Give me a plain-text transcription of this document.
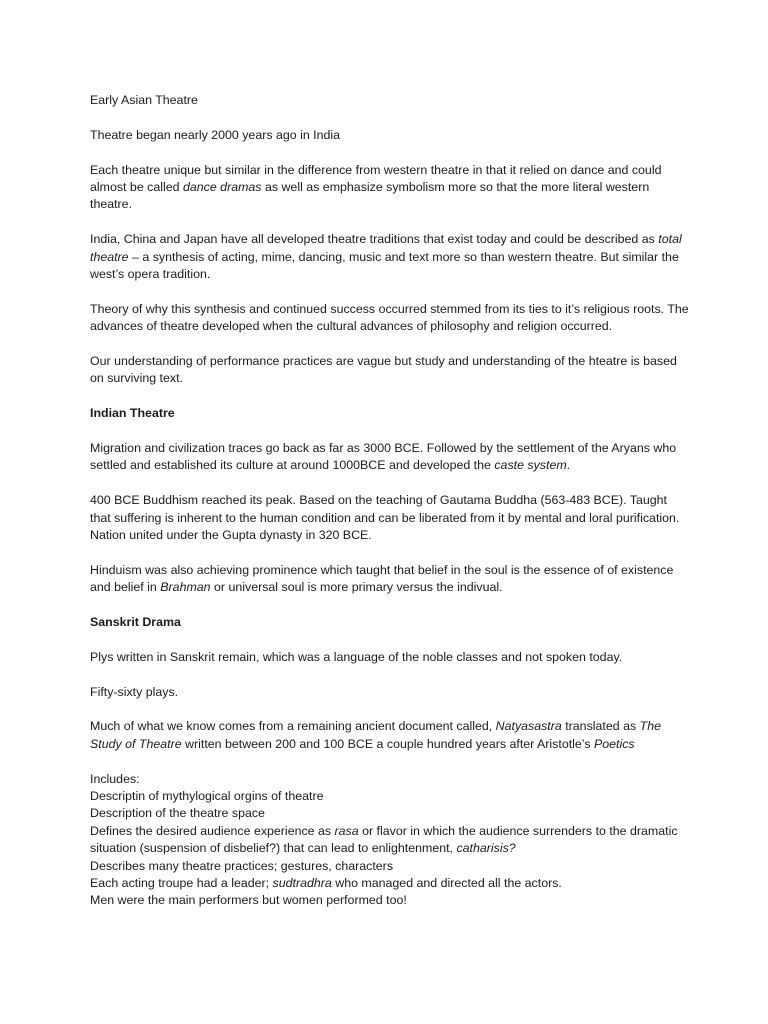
Early Asian Theatre

Theatre began nearly 2000 years ago in India

Each theatre unique but similar in the difference from western theatre in that it relied on dance and could almost be called dance dramas as well as emphasize symbolism more so that the more literal western theatre.

India, China and Japan have all developed theatre traditions that exist today and could be described as total theatre – a synthesis of acting, mime, dancing, music and text more so than western theatre. But similar the west’s opera tradition.

Theory of why this synthesis and continued success occurred stemmed from its ties to it’s religious roots. The advances of theatre developed when the cultural advances of philosophy and religion occurred.

Our understanding of performance practices are vague but study and understanding of the hteatre is based on surviving text.

Indian Theatre

Migration and civilization traces go back as far as 3000 BCE. Followed by the settlement of the Aryans who settled and established its culture at around 1000BCE and developed the caste system.

400 BCE Buddhism reached its peak. Based on the teaching of Gautama Buddha (563-483 BCE). Taught that suffering is inherent to the human condition and can be liberated from it by mental and loral purification. Nation united under the Gupta dynasty in 320 BCE.

Hinduism was also achieving prominence which taught that belief in the soul is the essence of of existence and belief in Brahman or universal soul is more primary versus the indivual.

Sanskrit Drama

Plys written in Sanskrit remain, which was a language of the noble classes and not spoken today.

Fifty-sixty plays.

Much of what we know comes from a remaining ancient document called, Natyasastra translated as The Study of Theatre written between 200 and 100 BCE a couple hundred years after Aristotle’s Poetics

Includes:

Descriptin of mythylogical orgins of theatre

Description of the theatre space

Defines the desired audience experience as rasa or flavor in which the audience surrenders to the dramatic situation (suspension of disbelief?) that can lead to enlightenment, catharisis?

Describes many theatre practices; gestures, characters

Each acting troupe had a leader; sudtradhra who managed and directed all the actors.

Men were the main performers but women performed too!
